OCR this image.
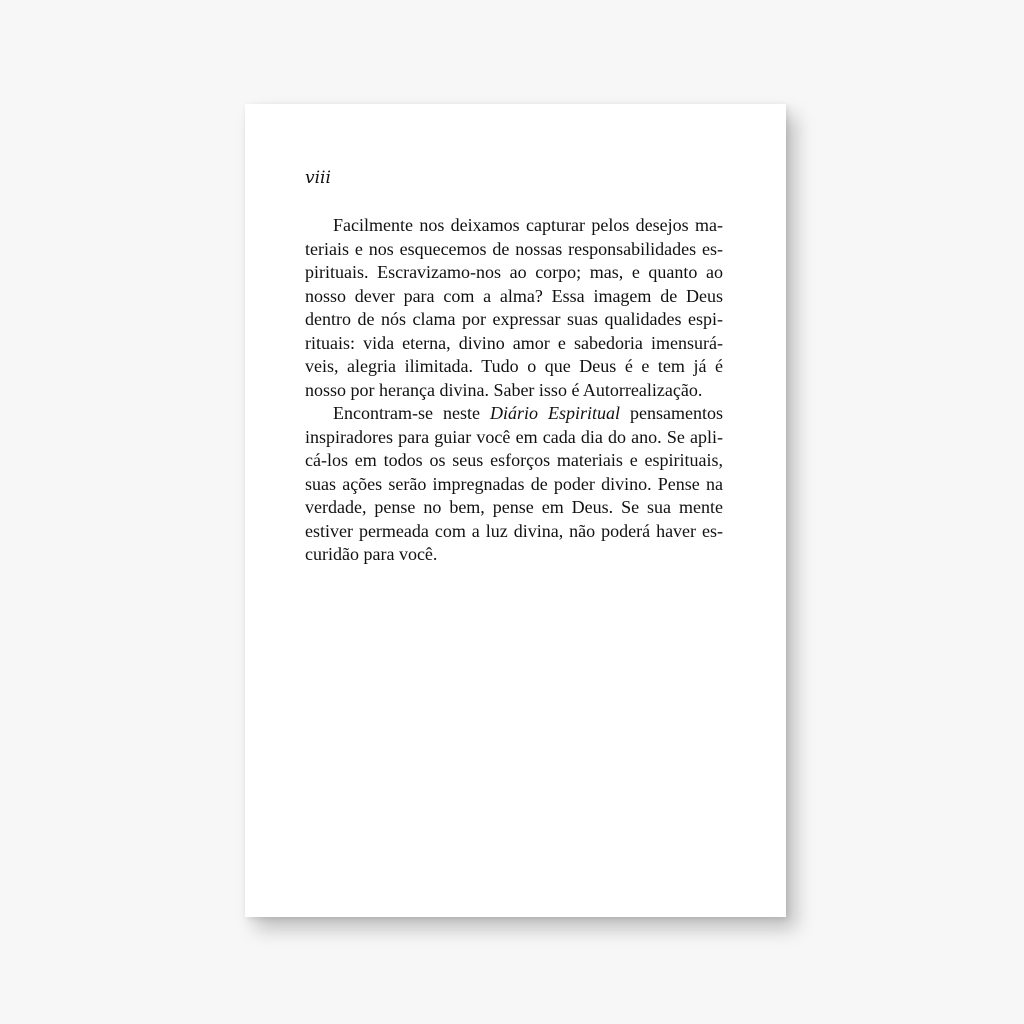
viii

Facilmente nos deixamos capturar pelos desejos ma-
teriais e nos esquecemos de nossas responsabilidades es-
pirituais. Escravizamo-nos ao corpo; mas, e quanto ao
nosso dever para com a alma? Essa imagem de Deus
dentro de nós clama por expressar suas qualidades espi-
rituais: vida eterna, divino amor e sabedoria imensurá-
veis, alegria ilimitada. Tudo o que Deus é e tem já é
nosso por herança divina. Saber isso é Autorrealização.
Encontram-se neste Diário Espiritual pensamentos
inspiradores para guiar você em cada dia do ano. Se apli-
cá-los em todos os seus esforços materiais e espirituais,
suas ações serão impregnadas de poder divino. Pense na
verdade, pense no bem, pense em Deus. Se sua mente
estiver permeada com a luz divina, não poderá haver es-
curidão para você.
